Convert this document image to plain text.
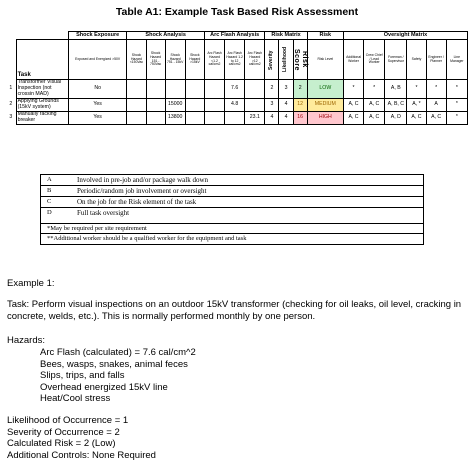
Table A1: Example Task Based Risk Assessment
		Shock Exposure	Shock Analysis				Arc Flash Analysis			Risk Matrix			Risk	Oversight Matrix					
	Task	Exposed and Energized >50V	Shock Hazard <150Vac	Shock Hazard 151 - 750Vac	Shock Hazard 751 - 15kV	Shock Hazard >15kV	Arc Flash Hazard <1.2 cal/cm2	Arc Flash Hazard 1.2 to 12 cal/cm2	Arc Flash Hazard >12 cal/cm2	Severity	Likelihood	Risk Score	Risk Level	Additional Worker	Crew Chief / Lead Worker	Foreman / Supervisor	Safety	Engineer / Planner	Line Manager
1	Transformer Visual Inspection (not crossin MAD)	No						7.6		2	3	2	LOW	*	*	A, B	*	*	*
2	Applying Grounds (15kV system)	Yes			15000			4.8		3	4	12	MEDIUM	A, C	A, C	A, B, C	A, *	A	*
3	Manually racking breaker	Yes			13800				23.1	4	4	16	HIGH	A, C	A, C	A, D	A, C	A, C	*
A	Involved in pre-job and/or package walk down
B	Periodic/random job involvement or oversight
C	On the job for the Risk element of the task
D	Full task oversight
*May be required per site requirement
**Additional worker should be a qualfied worker for the equipment and task
Example 1:
Task: Perform visual inspections on an outdoor 15kV transformer (checking for oil leaks, oil level, cracking in concrete, welds, etc.). This is normally performed monthly by one person.
Hazards:
Arc Flash (calculated) = 7.6 cal/cm^2
Bees, wasps, snakes, animal feces
Slips, trips, and falls
Overhead energized 15kV line
Heat/Cool stress
Likelihood of Occurrence = 1
Severity of Occurrence = 2
Calculated Risk = 2 (Low)
Additional Controls: None Required
